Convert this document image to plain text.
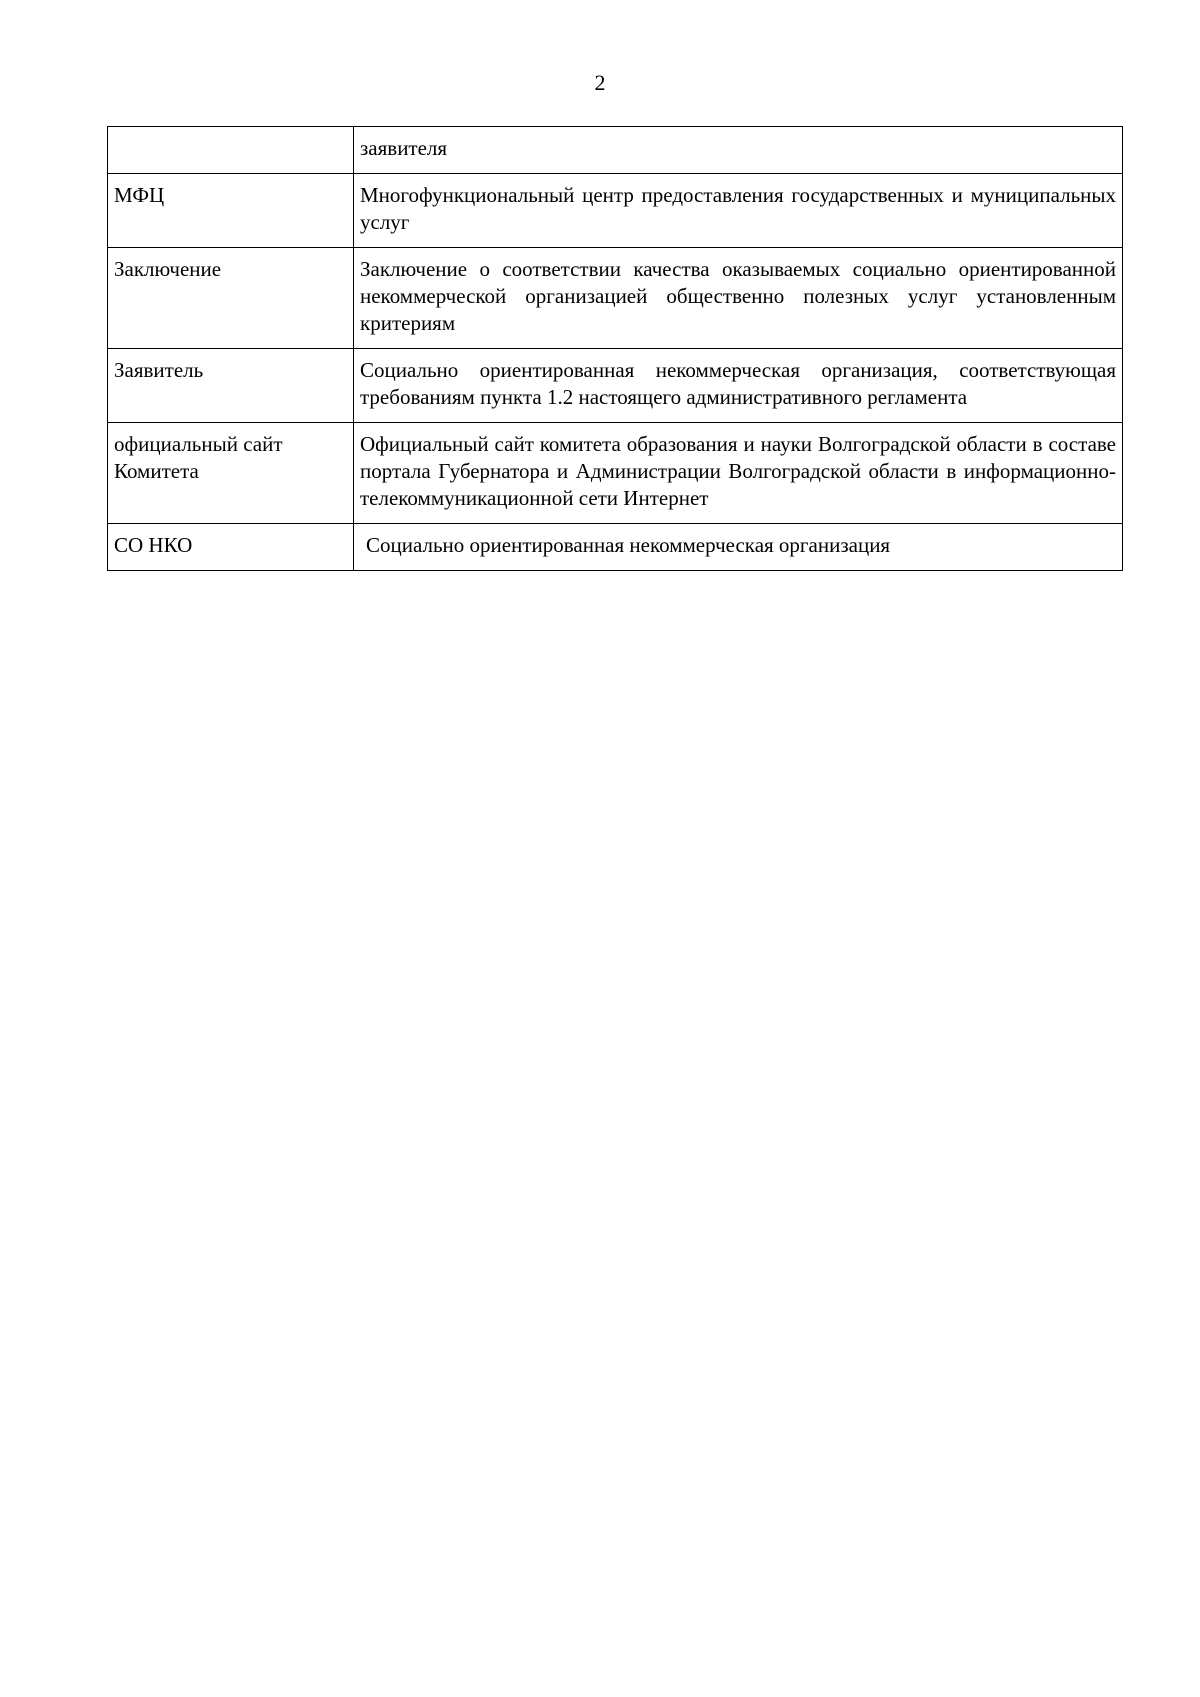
2
	заявителя
МФЦ	Многофункциональный центр предоставления государственных и муниципальных услуг
Заключение	Заключение о соответствии качества оказываемых социально ориентированной некоммерческой организацией общественно полезных услуг установленным критериям
Заявитель	Социально ориентированная некоммерческая организация, соответствующая требованиям пункта 1.2 настоящего административного регламента
официальный сайт Комитета	Официальный сайт комитета образования и науки Волгоградской области в составе портала Губернатора и Администрации Волгоградской области в информационно-телекоммуникационной сети Интернет
СО НКО	Социально ориентированная некоммерческая организация
